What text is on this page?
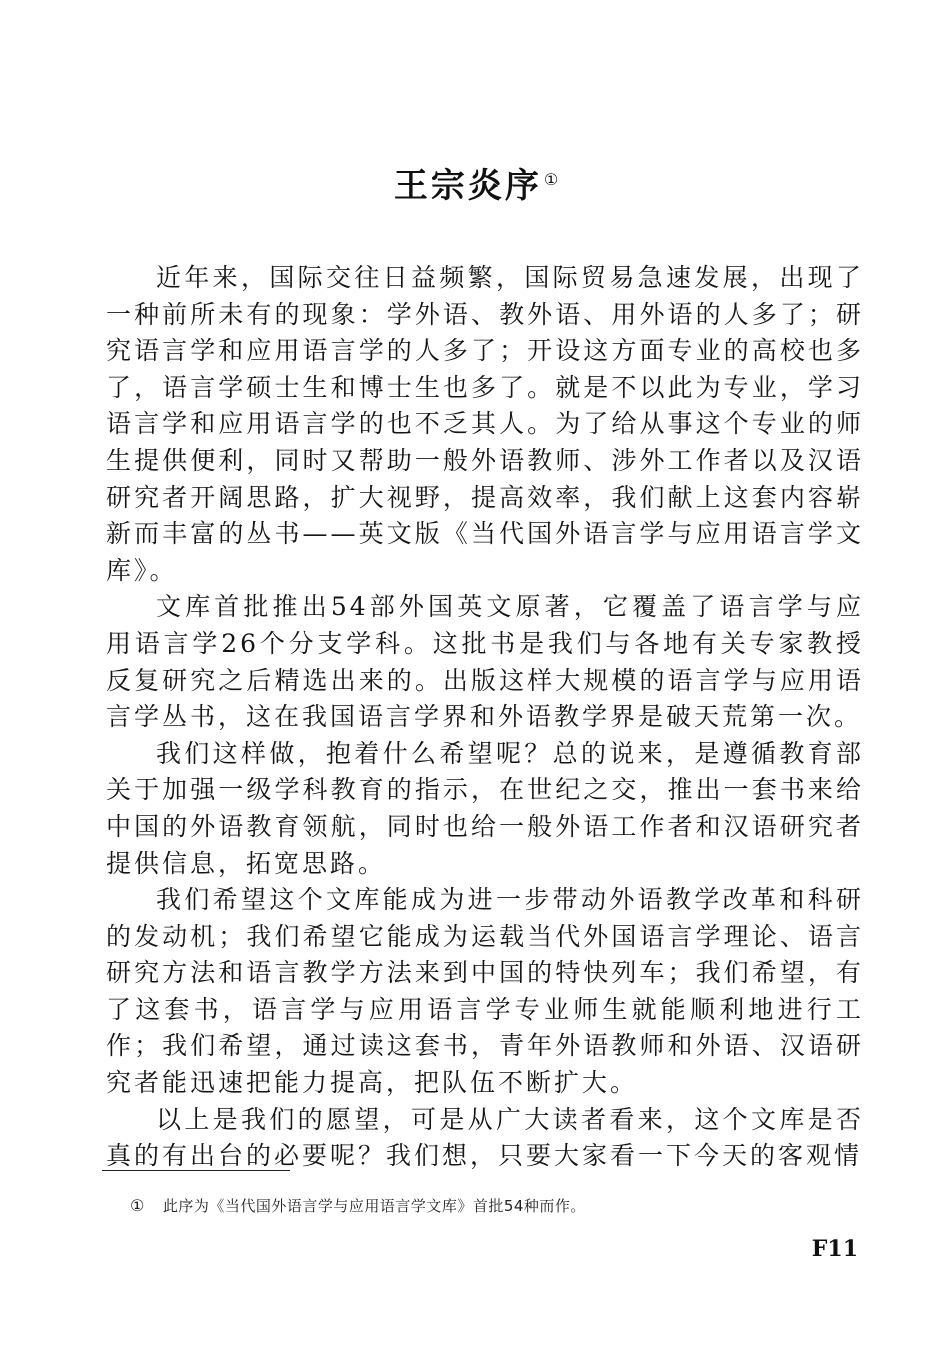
王宗炎序 ①

近年来，国际交往日益频繁，国际贸易急速发展，出现了一种前所未有的现象：学外语、教外语、用外语的人多了；研究语言学和应用语言学的人多了；开设这方面专业的高校也多了，语言学硕士生和博士生也多了。就是不以此为专业，学习语言学和应用语言学的也不乏其人。为了给从事这个专业的师生提供便利，同时又帮助一般外语教师、涉外工作者以及汉语研究者开阔思路，扩大视野，提高效率，我们献上这套内容崭新而丰富的丛书——英文版《当代国外语言学与应用语言学文库》。

文库首批推出54部外国英文原著，它覆盖了语言学与应用语言学26个分支学科。这批书是我们与各地有关专家教授反复研究之后精选出来的。出版这样大规模的语言学与应用语言学丛书，这在我国语言学界和外语教学界是破天荒第一次。

我们这样做，抱着什么希望呢？总的说来，是遵循教育部关于加强一级学科教育的指示，在世纪之交，推出一套书来给中国的外语教育领航，同时也给一般外语工作者和汉语研究者提供信息，拓宽思路。

我们希望这个文库能成为进一步带动外语教学改革和科研的发动机；我们希望它能成为运载当代外国语言学理论、语言研究方法和语言教学方法来到中国的特快列车；我们希望，有了这套书，语言学与应用语言学专业师生就能顺利地进行工作；我们希望，通过读这套书，青年外语教师和外语、汉语研究者能迅速把能力提高，把队伍不断扩大。

以上是我们的愿望，可是从广大读者看来，这个文库是否真的有出台的必要呢？我们想，只要大家看一下今天的客观情

① 此序为《当代国外语言学与应用语言学文库》首批54种而作。
F11
